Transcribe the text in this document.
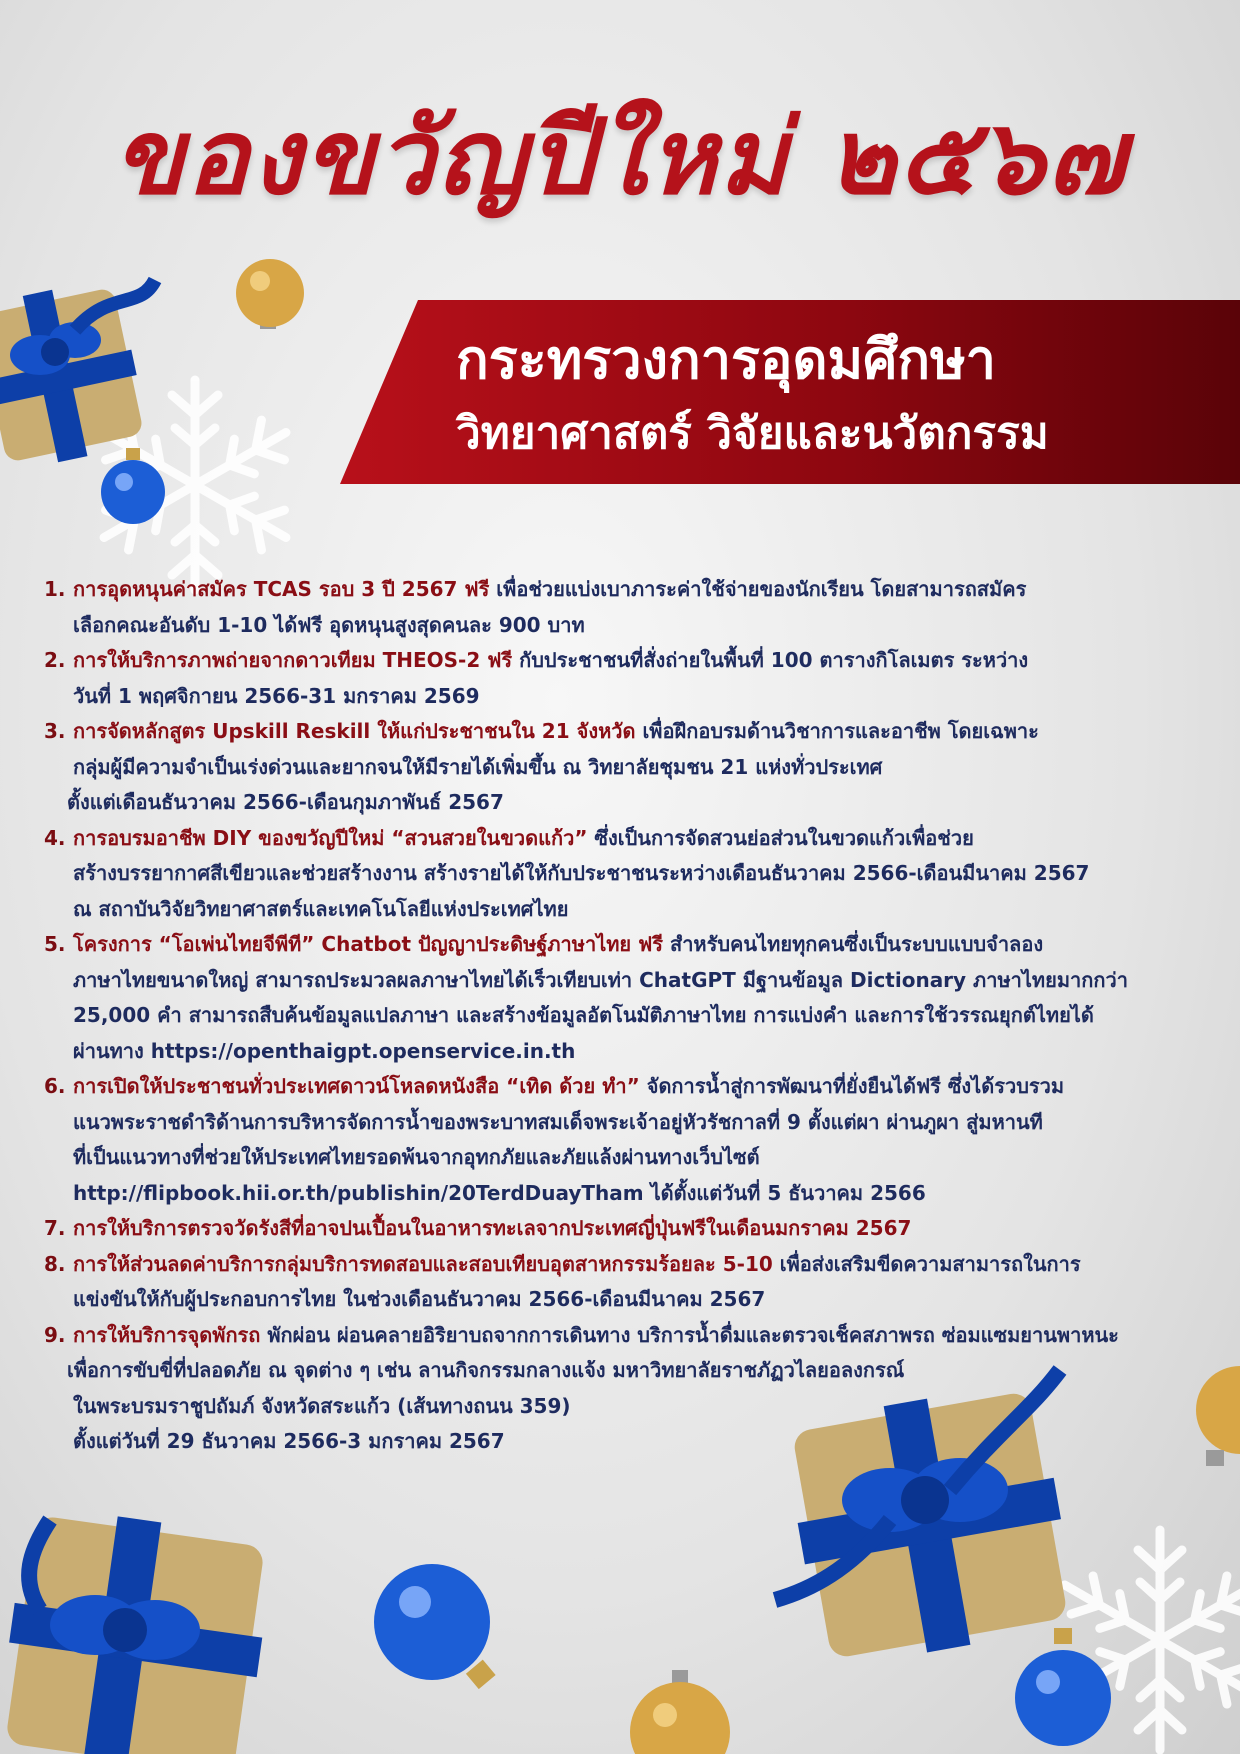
ของขวัญปีใหม่ ๒๕๖๗
กระทรวงการอุดมศึกษา
วิทยาศาสตร์ วิจัยและนวัตกรรม
1. การอุดหนุนค่าสมัคร TCAS รอบ 3 ปี 2567 ฟรี เพื่อช่วยแบ่งเบาภาระค่าใช้จ่ายของนักเรียน โดยสามารถสมัคร

เลือกคณะอันดับ 1-10 ได้ฟรี อุดหนุนสูงสุดคนละ 900 บาท

2. การให้บริการภาพถ่ายจากดาวเทียม THEOS-2 ฟรี กับประชาชนที่สั่งถ่ายในพื้นที่ 100 ตารางกิโลเมตร ระหว่าง

วันที่ 1 พฤศจิกายน 2566-31 มกราคม 2569

3. การจัดหลักสูตร Upskill Reskill ให้แก่ประชาชนใน 21 จังหวัด เพื่อฝึกอบรมด้านวิชาการและอาชีพ โดยเฉพาะ

กลุ่มผู้มีความจำเป็นเร่งด่วนและยากจนให้มีรายได้เพิ่มขึ้น ณ วิทยาลัยชุมชน 21 แห่งทั่วประเทศ

ตั้งแต่เดือนธันวาคม 2566-เดือนกุมภาพันธ์ 2567

4. การอบรมอาชีพ DIY ของขวัญปีใหม่ “สวนสวยในขวดแก้ว” ซึ่งเป็นการจัดสวนย่อส่วนในขวดแก้วเพื่อช่วย

สร้างบรรยากาศสีเขียวและช่วยสร้างงาน สร้างรายได้ให้กับประชาชนระหว่างเดือนธันวาคม 2566-เดือนมีนาคม 2567

ณ สถาบันวิจัยวิทยาศาสตร์และเทคโนโลยีแห่งประเทศไทย

5. โครงการ “โอเพ่นไทยจีพีที” Chatbot ปัญญาประดิษฐ์ภาษาไทย ฟรี สำหรับคนไทยทุกคนซึ่งเป็นระบบแบบจำลอง

ภาษาไทยขนาดใหญ่ สามารถประมวลผลภาษาไทยได้เร็วเทียบเท่า ChatGPT มีฐานข้อมูล Dictionary ภาษาไทยมากกว่า

25,000 คำ สามารถสืบค้นข้อมูลแปลภาษา และสร้างข้อมูลอัตโนมัติภาษาไทย การแบ่งคำ และการใช้วรรณยุกต์ไทยได้

ผ่านทาง https://openthaigpt.openservice.in.th

6. การเปิดให้ประชาชนทั่วประเทศดาวน์โหลดหนังสือ “เทิด ด้วย ทำ” จัดการน้ำสู่การพัฒนาที่ยั่งยืนได้ฟรี ซึ่งได้รวบรวม

แนวพระราชดำริด้านการบริหารจัดการน้ำของพระบาทสมเด็จพระเจ้าอยู่หัวรัชกาลที่ 9 ตั้งแต่ผา ผ่านภูผา สู่มหานที

ที่เป็นแนวทางที่ช่วยให้ประเทศไทยรอดพ้นจากอุทกภัยและภัยแล้งผ่านทางเว็บไซต์

http://flipbook.hii.or.th/publishin/20TerdDuayTham ได้ตั้งแต่วันที่ 5 ธันวาคม 2566

7. การให้บริการตรวจวัดรังสีที่อาจปนเปื้อนในอาหารทะเลจากประเทศญี่ปุ่นฟรีในเดือนมกราคม 2567

8. การให้ส่วนลดค่าบริการกลุ่มบริการทดสอบและสอบเทียบอุตสาหกรรมร้อยละ 5-10 เพื่อส่งเสริมขีดความสามารถในการ

แข่งขันให้กับผู้ประกอบการไทย ในช่วงเดือนธันวาคม 2566-เดือนมีนาคม 2567

9. การให้บริการจุดพักรถ พักผ่อน ผ่อนคลายอิริยาบถจากการเดินทาง บริการน้ำดื่มและตรวจเช็คสภาพรถ ซ่อมแซมยานพาหนะ

เพื่อการขับขี่ที่ปลอดภัย ณ จุดต่าง ๆ เช่น ลานกิจกรรมกลางแจ้ง มหาวิทยาลัยราชภัฏวไลยอลงกรณ์

ในพระบรมราชูปถัมภ์ จังหวัดสระแก้ว (เส้นทางถนน 359)

ตั้งแต่วันที่ 29 ธันวาคม 2566-3 มกราคม 2567
